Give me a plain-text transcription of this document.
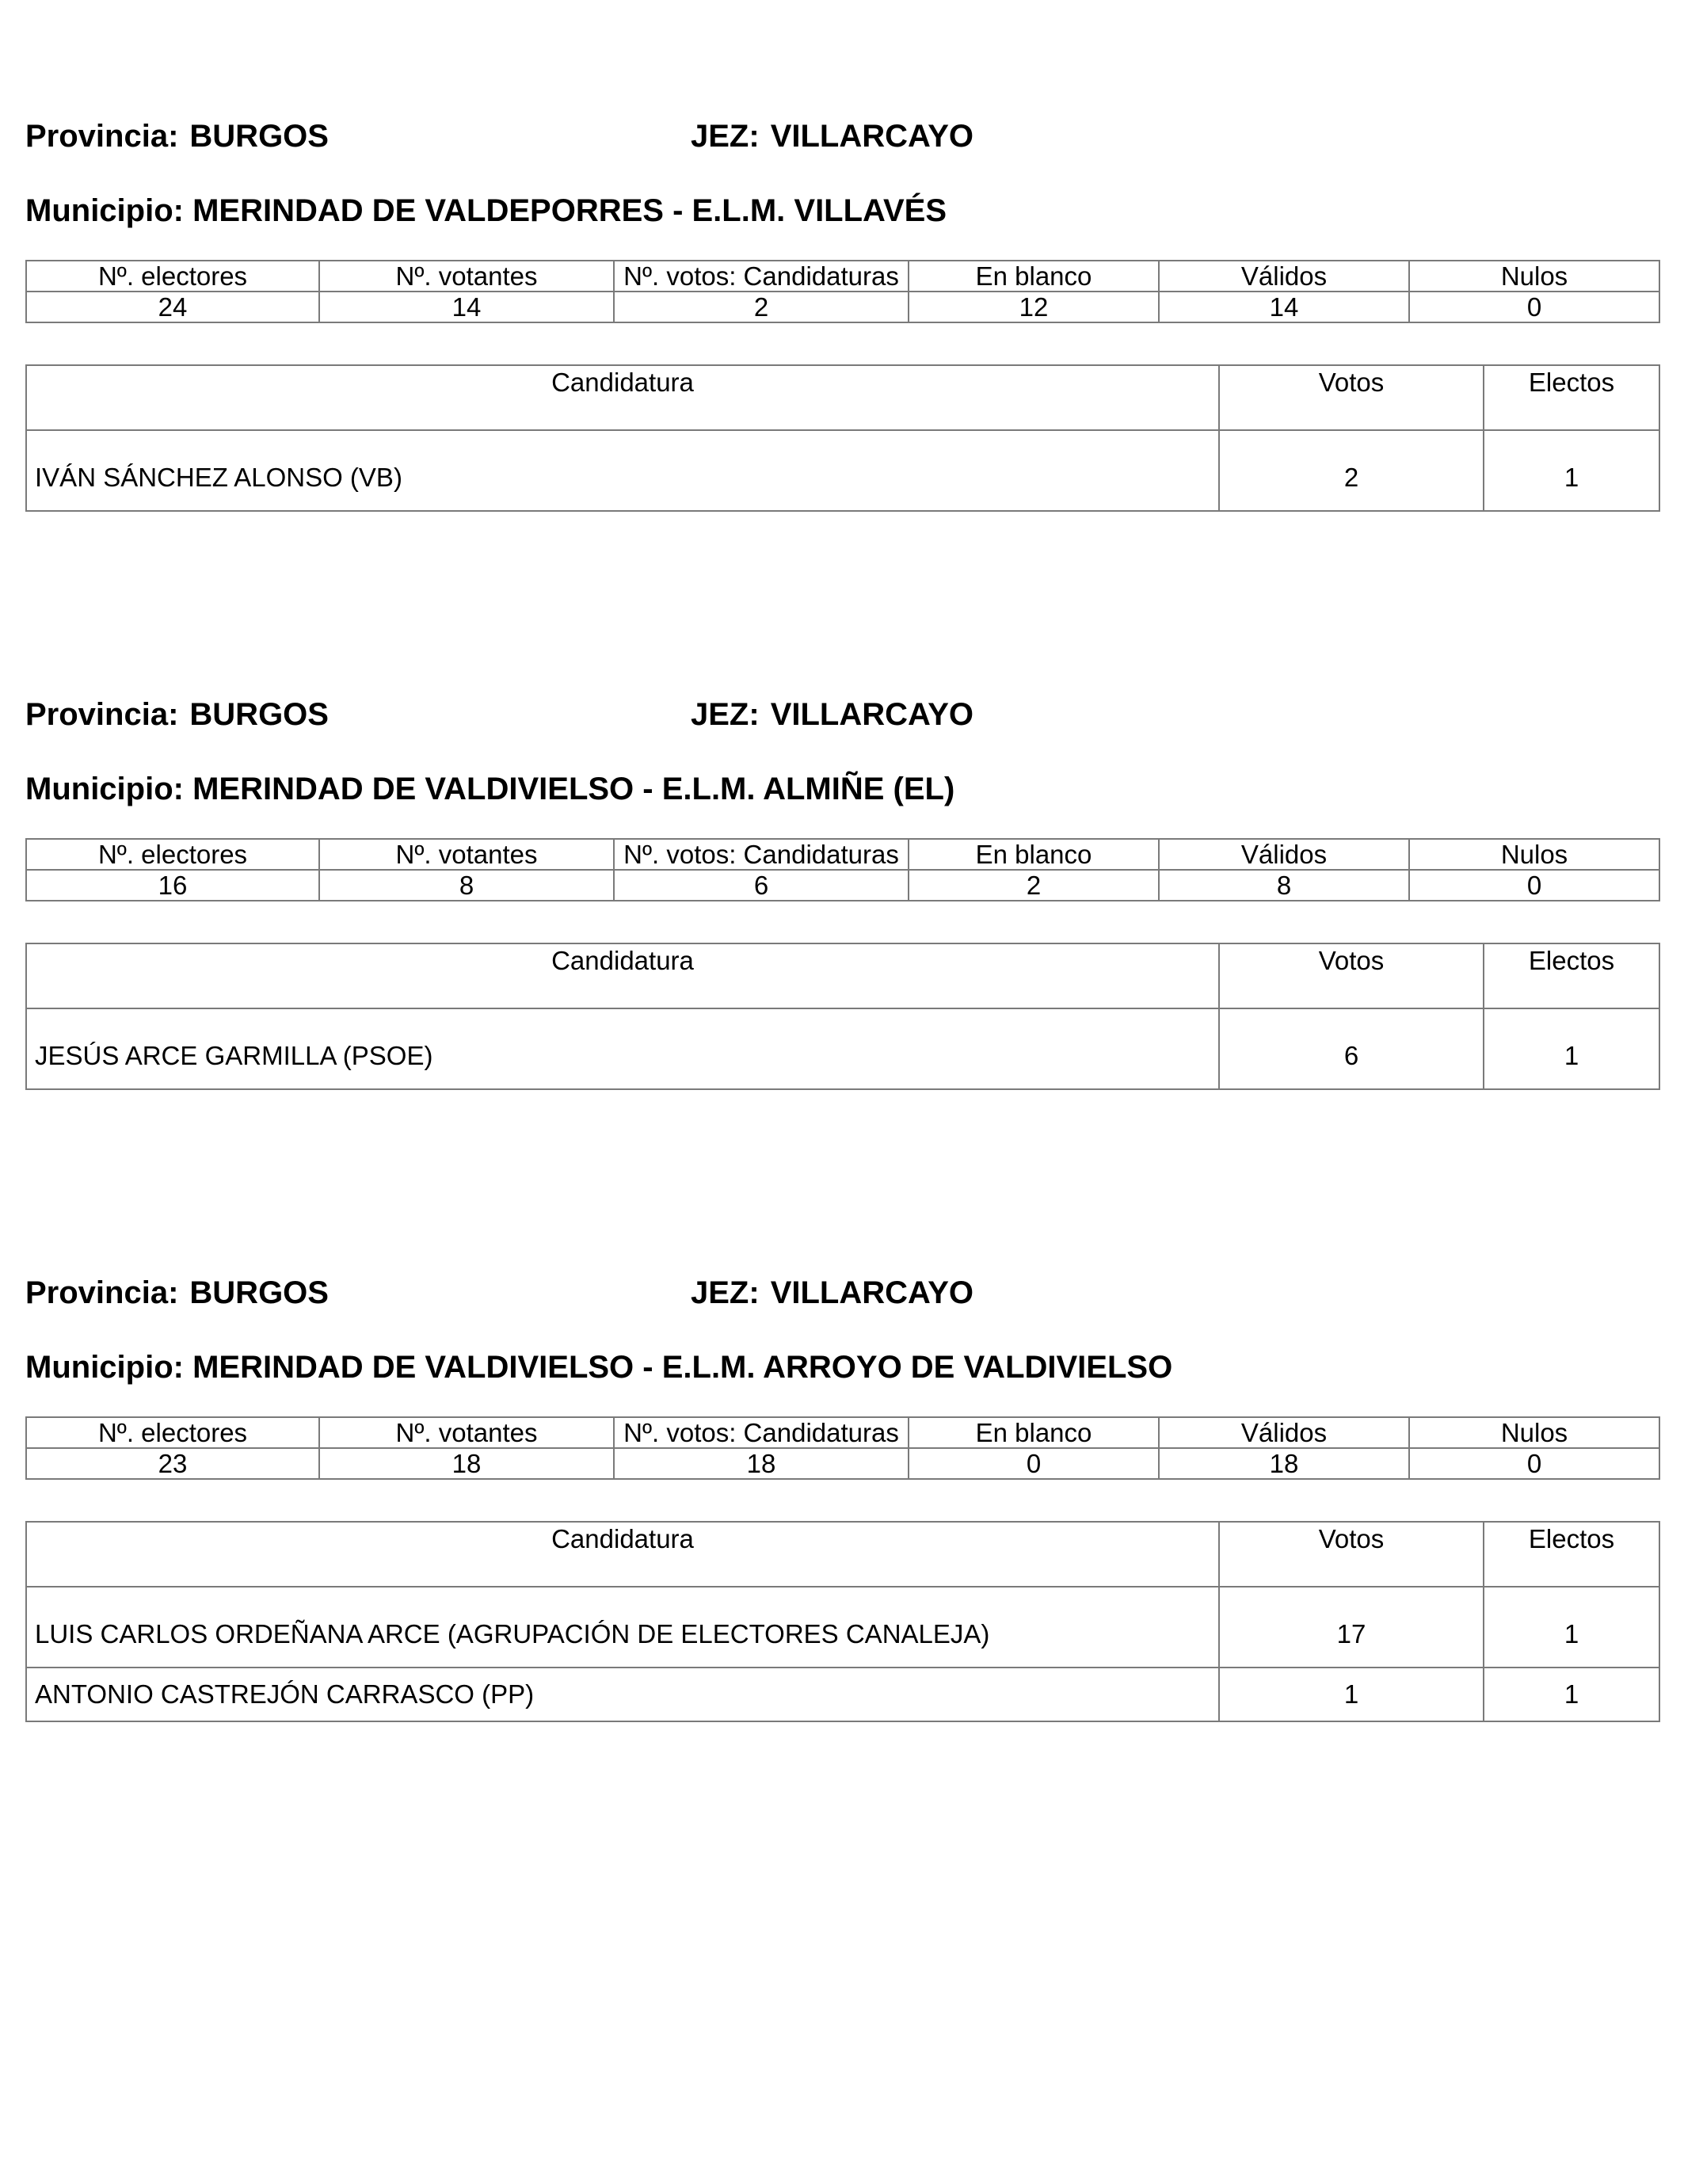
Provincia: BURGOS	JEZ: VILLARCAYO
Municipio: MERINDAD DE VALDEPORRES - E.L.M. VILLAVÉS
Nº. electores	Nº. votantes	Nº. votos: Candidaturas	En blanco	Válidos	Nulos
24	14	2	12	14	0
Candidatura	Votos	Electos
IVÁN SÁNCHEZ ALONSO (VB)	2	1
Provincia: BURGOS	JEZ: VILLARCAYO
Municipio: MERINDAD DE VALDIVIELSO - E.L.M. ALMIÑE (EL)
Nº. electores	Nº. votantes	Nº. votos: Candidaturas	En blanco	Válidos	Nulos
16	8	6	2	8	0
Candidatura	Votos	Electos
JESÚS ARCE GARMILLA (PSOE)	6	1
Provincia: BURGOS	JEZ: VILLARCAYO
Municipio: MERINDAD DE VALDIVIELSO - E.L.M. ARROYO DE VALDIVIELSO
Nº. electores	Nº. votantes	Nº. votos: Candidaturas	En blanco	Válidos	Nulos
23	18	18	0	18	0
Candidatura	Votos	Electos
LUIS CARLOS ORDEÑANA ARCE (AGRUPACIÓN DE ELECTORES CANALEJA)	17	1
ANTONIO CASTREJÓN CARRASCO (PP)	1	1
